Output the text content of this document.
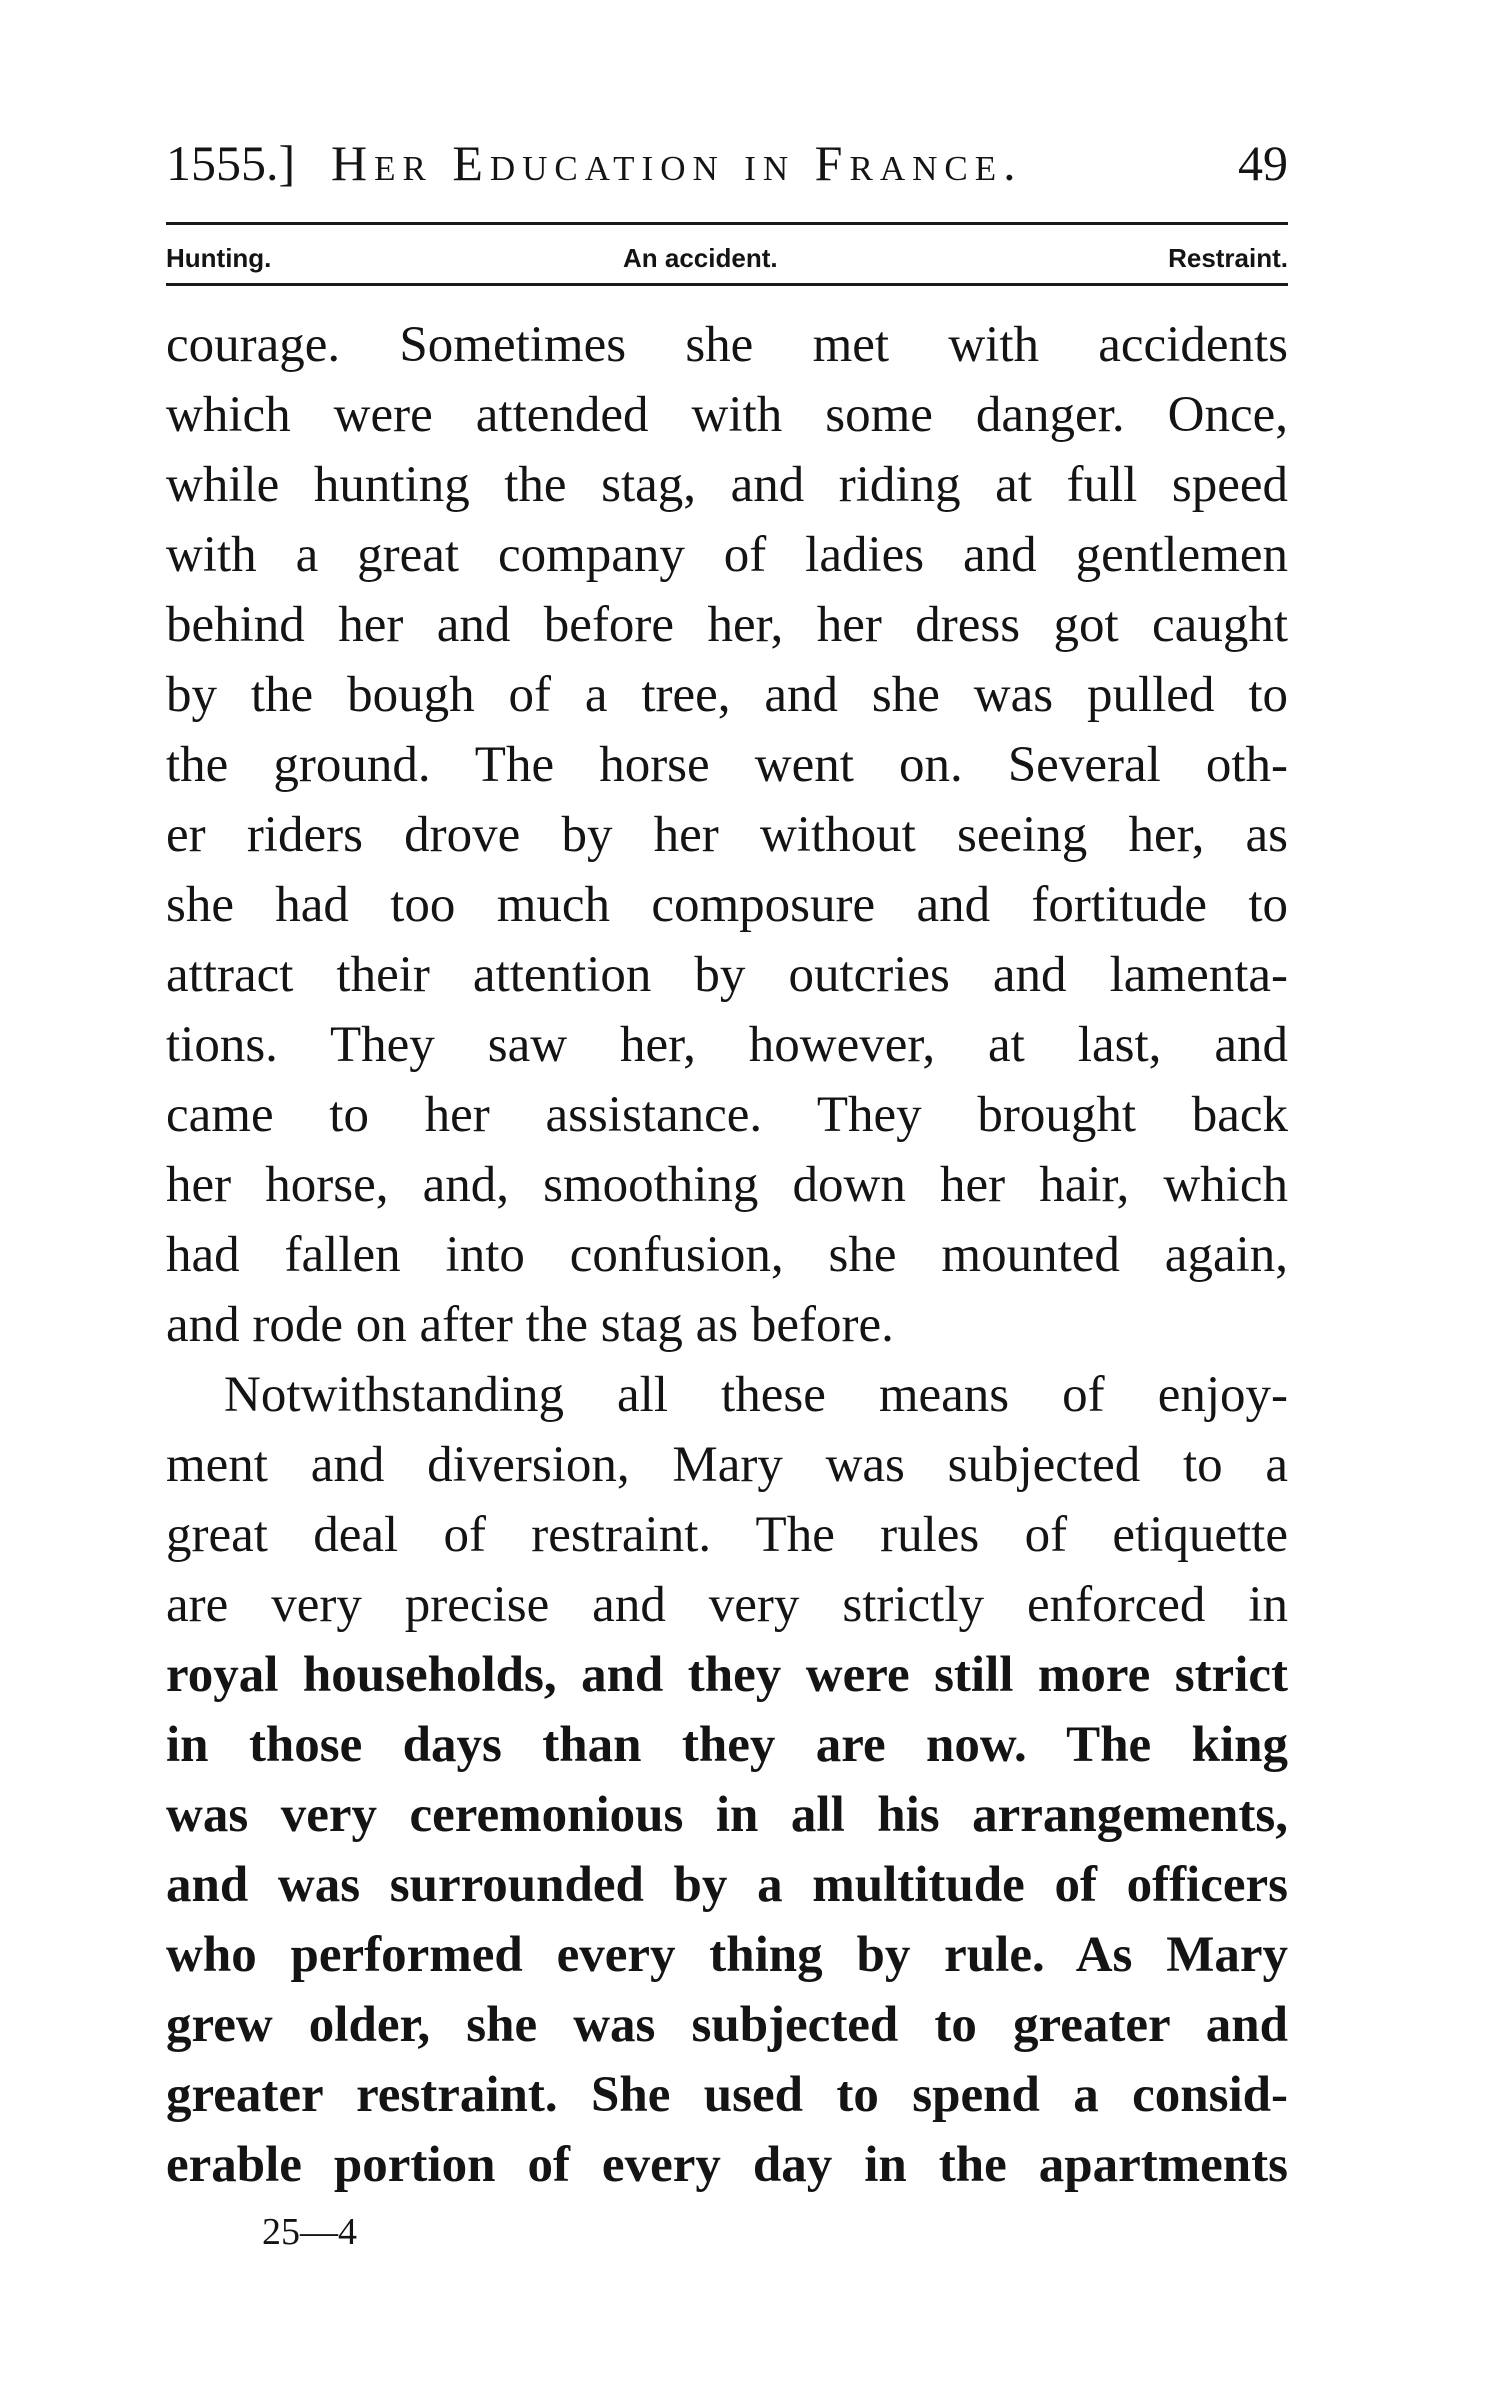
1555.] Her Education in France.	49
Hunting.	An accident.	Restraint.
courage. Sometimes she met with accidents
which were attended with some danger. Once,
while hunting the stag, and riding at full speed
with a great company of ladies and gentlemen
behind her and before her, her dress got caught
by the bough of a tree, and she was pulled to
the ground. The horse went on. Several oth-
er riders drove by her without seeing her, as
she had too much composure and fortitude to
attract their attention by outcries and lamenta-
tions. They saw her, however, at last, and
came to her assistance. They brought back
her horse, and, smoothing down her hair, which
had fallen into confusion, she mounted again,
and rode on after the stag as before.
Notwithstanding all these means of enjoy-
ment and diversion, Mary was subjected to a
great deal of restraint. The rules of etiquette
are very precise and very strictly enforced in
royal households, and they were still more strict
in those days than they are now. The king
was very ceremonious in all his arrangements,
and was surrounded by a multitude of officers
who performed every thing by rule. As Mary
grew older, she was subjected to greater and
greater restraint. She used to spend a consid-
erable portion of every day in the apartments
25—4
